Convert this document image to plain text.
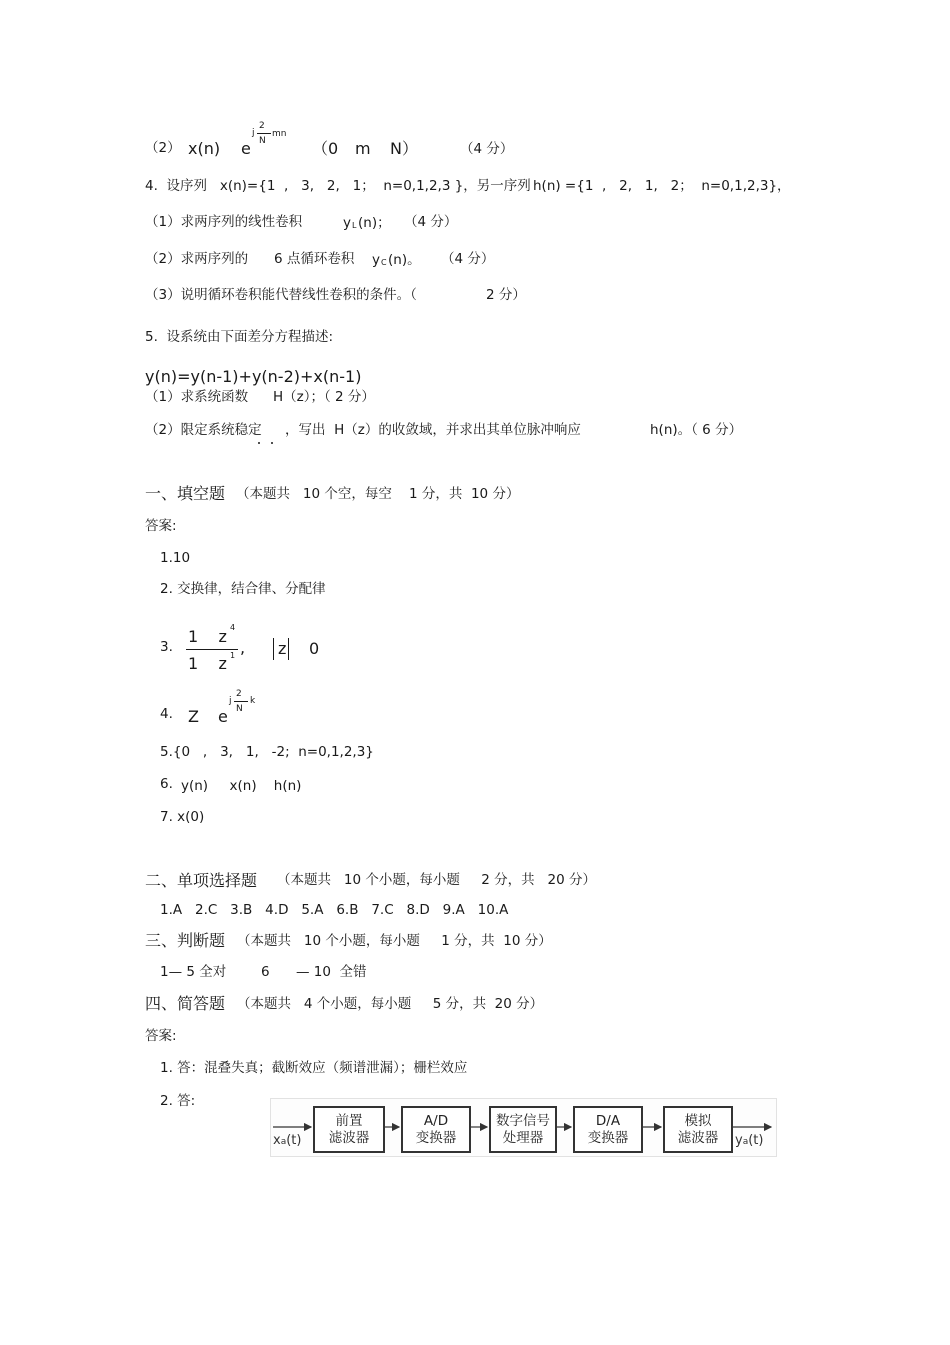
（2） x(n) e
j
2
N
mn
（0 m N）	（4 分）
4.  设序列   x(n)={1  ,   3,   2,   1；  n=0,1,2,3 }，另一序列 h(n) ={1  ,   2,   1,   2；  n=0,1,2,3}，
（1）求两序列的线性卷积	y L (n)； （4 分）
（2）求两序列的 6 点循环卷积 y C (n)。 （4 分）
（3）说明循环卷积能代替线性卷积的条件。（	2 分）
5.  设系统由下面差分方程描述:
y(n)=y(n-1)+y(n-2)+x(n-1)
（1）求系统函数 H（z）；（ 2 分）
（2）限定系统稳定 ，写出  H（z）的收敛域，并求出其单位脉冲响应	h(n)。（ 6 分）
一、填空题 （本题共   10 个空，每空    1 分，共  10 分）
答案:
1.10
2. 交换律，结合律、分配律
3.
1    z 4
1    z 1 , z 0
4. Z e
j
2
N
k
5.{0   ,   3,   1,   -2;  n=0,1,2,3}
6. y(n)     x(n)    h(n)
7. x(0)
二、单项选择题 （本题共   10 个小题，每小题     2 分，共   20 分）
1.A   2.C   3.B   4.D   5.A   6.B   7.C   8.D   9.A   10.A
三、判断题 （本题共   10 个小题，每小题     1 分，共  10 分）
1— 5 全对	6 — 10  全错
四、简答题 （本题共   4 个小题，每小题     5 分，共  20 分）
答案:
1. 答：混叠失真；截断效应（频谱泄漏）；栅栏效应
2. 答:
xa(t)
前置
滤波器
A/D
变换器
数字信号
处理器
D/A
变换器
模拟
滤波器 ya(t)
